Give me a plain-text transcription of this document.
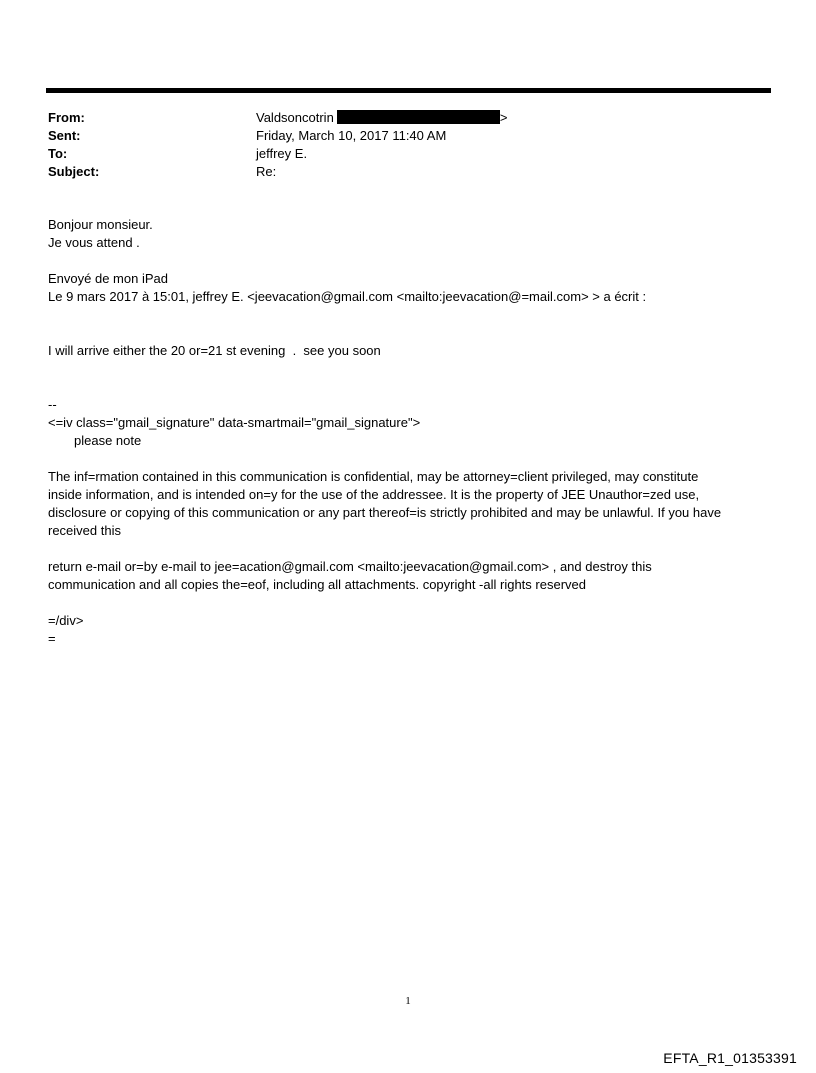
From:	Valdsoncotrin	>
Sent:	Friday, March 10, 2017 11:40 AM
To:	jeffrey E.
Subject:	Re:

Bonjour monsieur.

Je vous attend .

Envoyé de mon iPad

Le 9 mars 2017 à 15:01, jeffrey E. <jeevacation@gmail.com <mailto:jeevacation@=mail.com> > a écrit :

I will arrive either the 20 or=21 st evening  .  see you soon

--

<=iv class="gmail_signature" data-smartmail="gmail_signature">

please note

The inf=rmation contained in this communication is confidential, may be attorney=client privileged, may constitute

inside information, and is intended on=y for the use of the addressee. It is the property of JEE Unauthor=zed use,

disclosure or copying of this communication or any part thereof=is strictly prohibited and may be unlawful. If you have

received this

return e-mail or=by e-mail to jee=acation@gmail.com <mailto:jeevacation@gmail.com> , and destroy this

communication and all copies the=eof, including all attachments. copyright -all rights reserved

=/div>

=

1
EFTA_R1_01353391
